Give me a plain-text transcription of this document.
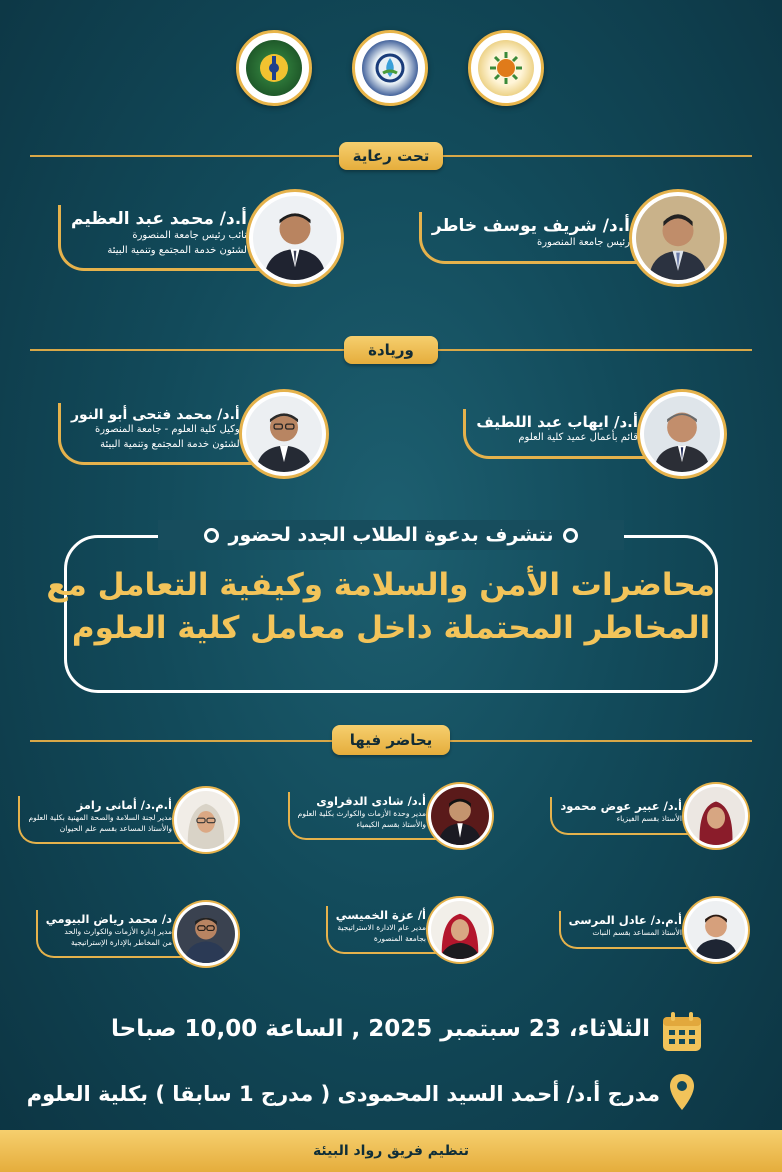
تحت رعاية
أ.د/ شريف يوسف خاطر
رئيس جامعة المنصورة
أ.د/ محمد عبد العظيم
نائب رئيس جامعة المنصورة
لشئون خدمة المجتمع وتنمية البيئة
وريادة
أ.د/ ايهاب عبد اللطيف
قائم بأعمال عميد كلية العلوم
أ.د/ محمد فتحى أبو النور
وكيل كلية العلوم - جامعة المنصورة
لشئون خدمة المجتمع وتنمية البيئة
محاضرات الأمن والسلامة وكيفية التعامل مع
المخاطر المحتملة داخل معامل كلية العلوم
نتشرف بدعوة الطلاب الجدد لحضور
يحاضر فيها
أ.د/ عبير عوض محمود
الأستاذ بقسم الفيزياء
أ.د/ شادى الدفراوى
مدير وحدة الأزمات والكوارث بكلية العلوم
والأستاذ بقسم الكيمياء
أ.م.د/ أمانى رامز
مدير لجنة السلامة والصحة المهنية بكلية العلوم
والأستاذ المساعد بقسم علم الحيوان
أ.م.د/ عادل المرسى
الأستاذ المساعد بقسم النبات
أ/ عزة الخميسي
مدير عام الادارة الاستراتيجية
بجامعة المنصورة
د/ محمد رياض البيومي
مدير إدارة الأزمات والكوارث والحد
من المخاطر بالإدارة الإستراتيجية
الثلاثاء، 23 سبتمبر 2025 , الساعة 10,00 صباحا
مدرج أ.د/ أحمد السيد المحمودى ( مدرج 1 سابقا ) بكلية العلوم
تنظيم فريق رواد البيئة
